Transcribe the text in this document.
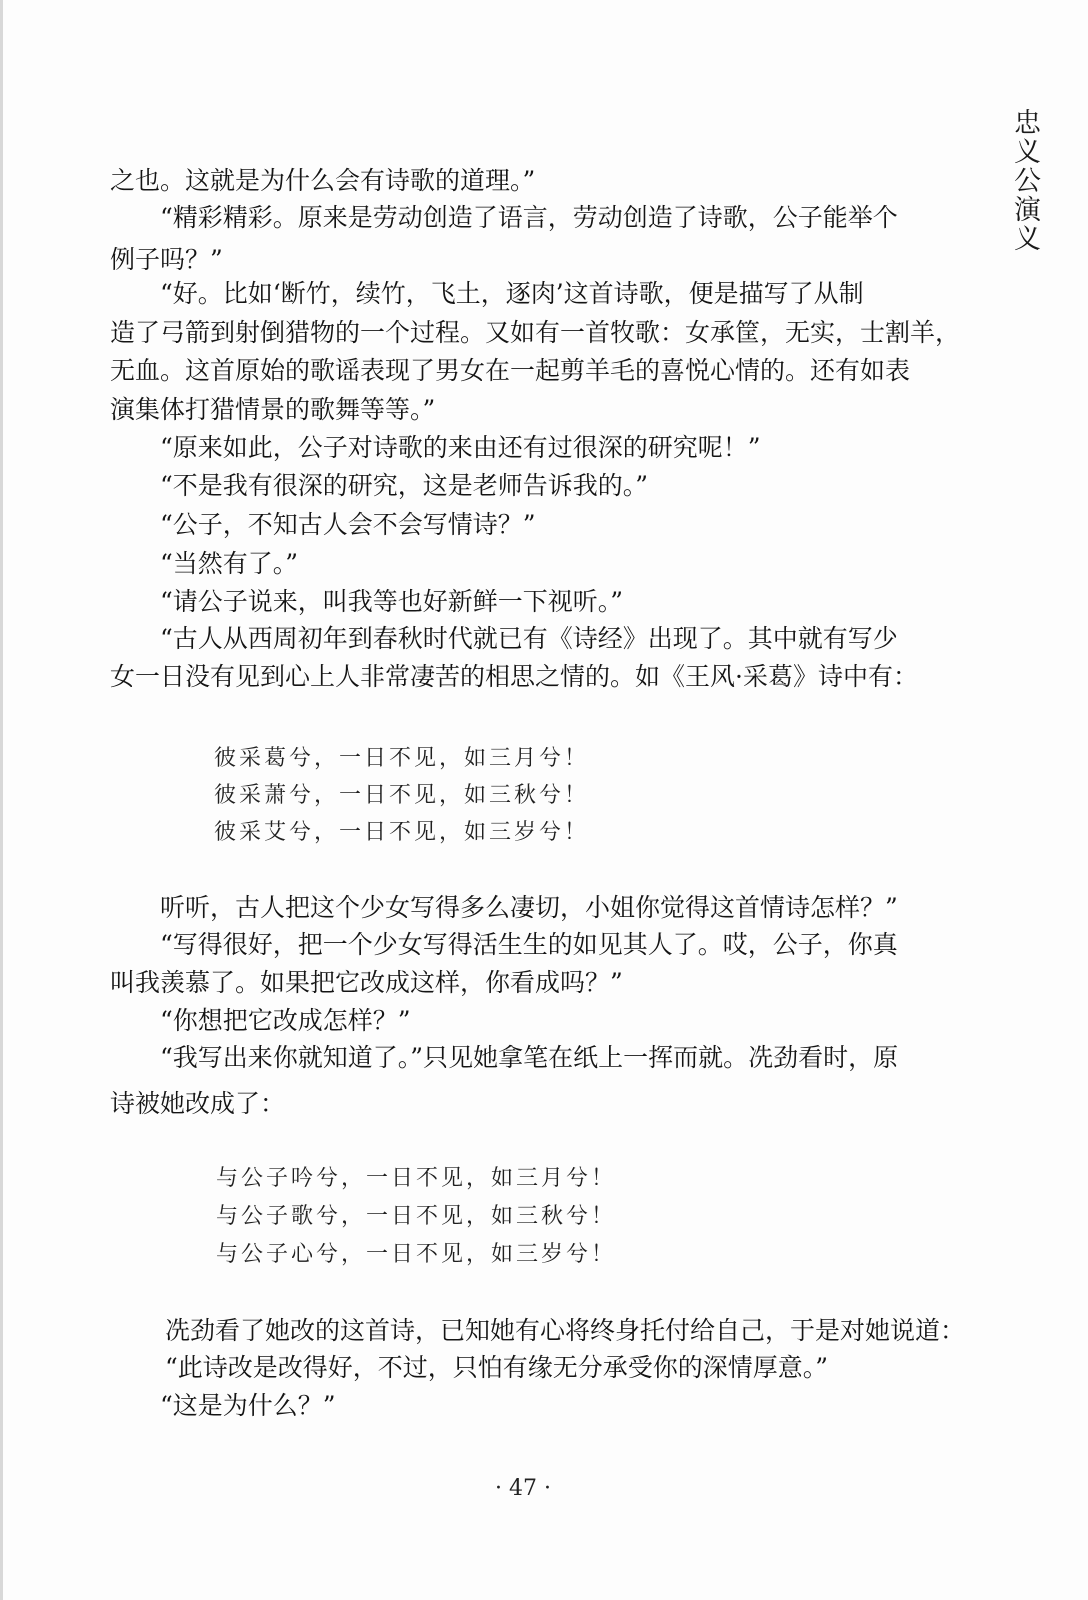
忠义公演义
之也。这就是为什么会有诗歌的道理。”
“精彩精彩。原来是劳动创造了语言，劳动创造了诗歌，公子能举个
例子吗？”
“好。比如‘断竹，续竹，飞土，逐肉’这首诗歌，便是描写了从制
造了弓箭到射倒猎物的一个过程。又如有一首牧歌：女承筐，无实，士割羊，
无血。这首原始的歌谣表现了男女在一起剪羊毛的喜悦心情的。还有如表
演集体打猎情景的歌舞等等。”
“原来如此，公子对诗歌的来由还有过很深的研究呢！”
“不是我有很深的研究，这是老师告诉我的。”
“公子，不知古人会不会写情诗？”
“当然有了。”
“请公子说来，叫我等也好新鲜一下视听。”
“古人从西周初年到春秋时代就已有《诗经》出现了。其中就有写少
女一日没有见到心上人非常凄苦的相思之情的。如《王风·采葛》诗中有：
彼采葛兮，一日不见，如三月兮！
彼采萧兮，一日不见，如三秋兮！
彼采艾兮，一日不见，如三岁兮！
听听，古人把这个少女写得多么凄切，小姐你觉得这首情诗怎样？”
“写得很好，把一个少女写得活生生的如见其人了。哎，公子，你真
叫我羡慕了。如果把它改成这样，你看成吗？”
“你想把它改成怎样？”
“我写出来你就知道了。”只见她拿笔在纸上一挥而就。冼劲看时，原
诗被她改成了：
与公子吟兮，一日不见，如三月兮！
与公子歌兮，一日不见，如三秋兮！
与公子心兮，一日不见，如三岁兮！
冼劲看了她改的这首诗，已知她有心将终身托付给自己，于是对她说道：
“此诗改是改得好，不过，只怕有缘无分承受你的深情厚意。”
“这是为什么？”
· 47 ·
